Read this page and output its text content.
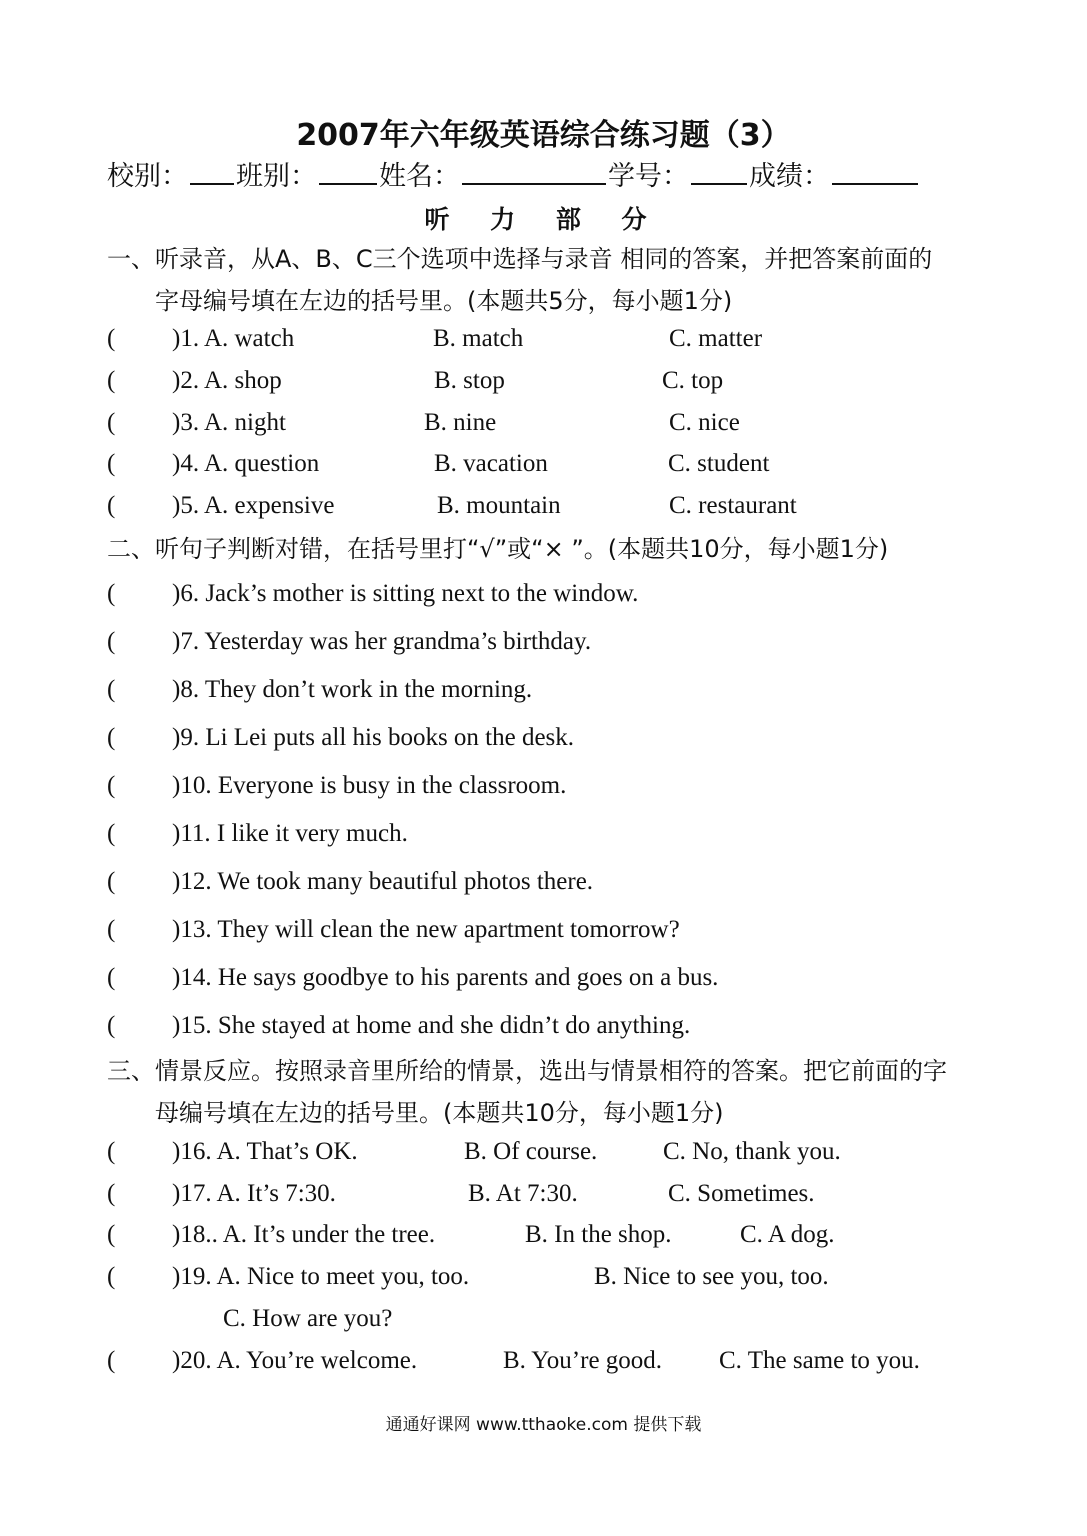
2007年六年级英语综合练习题（3）
校别： 班别： 姓名：	学号： 成绩：
听 力 部 分
一、听录音，从A、B、C三个选项中选择与录音 相同的答案，并把答案前面的
字母编号填在左边的括号里。(本题共5分，每小题1分)
( )1. A. watch	B. match	C. matter
( )2. A. shop	B. stop	C. top
( )3. A. night	B. nine	C. nice
( )4. A. question	B. vacation	C. student
( )5. A. expensive	B. mountain	C. restaurant
二、听句子判断对错，在括号里打“√”或“× ”。(本题共10分，每小题1分)
( )6. Jack’s mother is sitting next to the window.
( )7. Yesterday was her grandma’s birthday.
( )8. They don’t work in the morning.
( )9. Li Lei puts all his books on the desk.
( )10. Everyone is busy in the classroom.
( )11. I like it very much.
( )12. We took many beautiful photos there.
( )13. They will clean the new apartment tomorrow?
( )14. He says goodbye to his parents and goes on a bus.
( )15. She stayed at home and she didn’t do anything.
三、情景反应。按照录音里所给的情景，选出与情景相符的答案。把它前面的字
母编号填在左边的括号里。(本题共10分，每小题1分)
( )16. A. That’s OK.	B. Of course.	C. No, thank you.
( )17. A. It’s 7:30.	B. At 7:30.	C. Sometimes.
( )18.. A. It’s under the tree.	B. In the shop.	C. A dog.
( )19. A. Nice to meet you, too.	B. Nice to see you, too.
C. How are you?
( )20. A. You’re welcome.	B. You’re good. C. The same to you.
通通好课网 www.tthaoke.com 提供下载
